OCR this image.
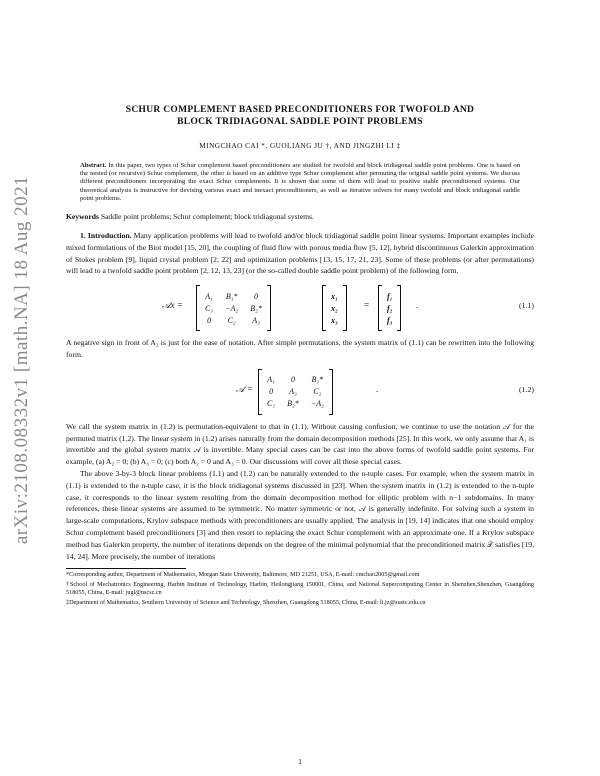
arXiv:2108.08332v1 [math.NA] 18 Aug 2021
SCHUR COMPLEMENT BASED PRECONDITIONERS FOR TWOFOLD AND
BLOCK TRIDIAGONAL SADDLE POINT PROBLEMS
MINGCHAO CAI *, GUOLIANG JU †, AND JINGZHI LI ‡
Abstract. In this paper, two types of Schur complement based preconditioners are studied for twofold and block tridiagonal saddle point problems. One is based on the nested (or recursive) Schur complement, the other is based on an additive type Schur complement after permuting the original saddle point systems. We discuss different preconditioners incorporating the exact Schur complements. It is shown that some of them will lead to positive stable preconditioned systems. Our theoretical analysis is instructive for devising various exact and inexact preconditioners, as well as iterative solvers for many twofold and block tridiagonal saddle point problems.
Keywords Saddle point problems; Schur complement; block tridiagonal systems.

1. Introduction. Many application problems will lead to twofold and/or block tridiagonal saddle point linear systems. Important examples include mixed formulations of the Biot model [15, 20], the coupling of fluid flow with porous media flow [5, 12], hybrid discontinuous Galerkin approximation of Stokes problem [9], liquid crystal problem [2, 22] and optimization problems [13, 15, 17, 21, 23]. Some of these problems (or after permutations) will lead to a twofold saddle point problem [2, 12, 13, 23] (or the so-called double saddle point problem) of the following form.

𝒜x =
A₁ B₁*	0
C₁ −A₂ B₂*
0	C₂	A₃
x₁
x₂
x₃
=
f₁
f₂
f₃
.	(1.1)

A negative sign in front of A₂ is just for the ease of notation. After simple permutations, the system matrix of (1.1) can be rewritten into the following form.

𝒜 =
A₁	0	B₁*
0 A₃	C₂
C₁ B₂* −A₂
.	(1.2)

We call the system matrix in (1.2) is permutation-equivalent to that in (1.1). Without causing confusion, we continue to use the notation 𝒜 for the permuted matrix (1.2). The linear system in (1.2) arises naturally from the domain decomposition methods [25]. In this work, we only assume that A₁ is invertible and the global system matrix 𝒜 is invertible. Many special cases can be cast into the above forms of twofold saddle point systems. For example, (a) A₂ = 0; (b) A₃ = 0; (c) both A₂ = 0 and A₃ = 0. Our discussions will cover all these special cases.

The above 3-by-3 block linear problems (1.1) and (1.2) can be naturally extended to the n-tuple cases. For example, when the system matrix in (1.1) is extended to the n-tuple case, it is the block tridiagonal systems discussed in [23]. When the system matrix in (1.2) is extended to the n-tuple case, it corresponds to the linear system resulting from the domain decomposition method for elliptic problem with n−1 subdomains. In many references, these linear systems are assumed to be symmetric. No matter symmetric or not, 𝒜 is generally indefinite. For solving such a system in large-scale computations, Krylov subspace methods with preconditioners are usually applied. The analysis in [19, 14] indicates that one should employ Schur complement based preconditioners [3] and then resort to replacing the exact Schur complement with an approximate one. If a Krylov subspace method has Galerkin property, the number of iterations depends on the degree of the minimal polynomial that the preconditioned matrix 𝒯 satisfies [19, 14, 24]. More precisely, the number of iterations

*Corresponding author, Department of Mathematics, Morgan State University, Baltimore, MD 21251, USA, E-mail: cmchao2005@gmail.com
†School of Mechatronics Engineering, Harbin Institute of Technology, Harbin, Heilongjiang 150001, China, and National Supercomputing Center in Shenzhen,Shenzhen, Guangdong 518055, China, E-mail: jugl@nscsz.cn
‡Department of Mathematics, Southern University of Science and Technology, Shenzhen, Guangdong 518055, China, E-mail: li.jz@sustc.edu.cn
1
